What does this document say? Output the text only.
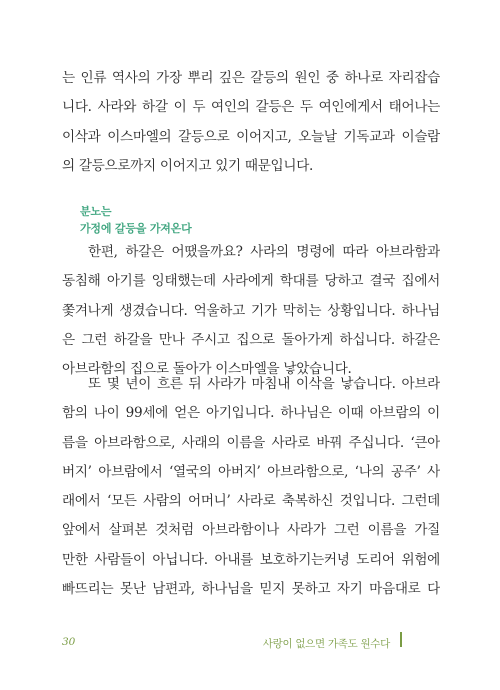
는 인류 역사의 가장 뿌리 깊은 갈등의 원인 중 하나로 자리잡습
니다. 사라와 하갈 이 두 여인의 갈등은 두 여인에게서 태어나는
이삭과 이스마엘의 갈등으로 이어지고, 오늘날 기독교과 이슬람
의 갈등으로까지 이어지고 있기 때문입니다.
분노는
가정에 갈등을 가져온다
한편, 하갈은 어땠을까요? 사라의 명령에 따라 아브라함과
동침해 아기를 잉태했는데 사라에게 학대를 당하고 결국 집에서
쫓겨나게 생겼습니다. 억울하고 기가 막히는 상황입니다. 하나님
은 그런 하갈을 만나 주시고 집으로 돌아가게 하십니다. 하갈은
아브라함의 집으로 돌아가 이스마엘을 낳았습니다.
또 몇 년이 흐른 뒤 사라가 마침내 이삭을 낳습니다. 아브라
함의 나이 99세에 얻은 아기입니다. 하나님은 이때 아브람의 이
름을 아브라함으로, 사래의 이름을 사라로 바꿔 주십니다. ‘큰아
버지’ 아브람에서 ‘열국의 아버지’ 아브라함으로, ‘나의 공주’ 사
래에서 ‘모든 사람의 어머니’ 사라로 축복하신 것입니다. 그런데
앞에서 살펴본 것처럼 아브라함이나 사라가 그런 이름을 가질
만한 사람들이 아닙니다. 아내를 보호하기는커녕 도리어 위험에
빠뜨리는 못난 남편과, 하나님을 믿지 못하고 자기 마음대로 다
30	사랑이 없으면 가족도 원수다
